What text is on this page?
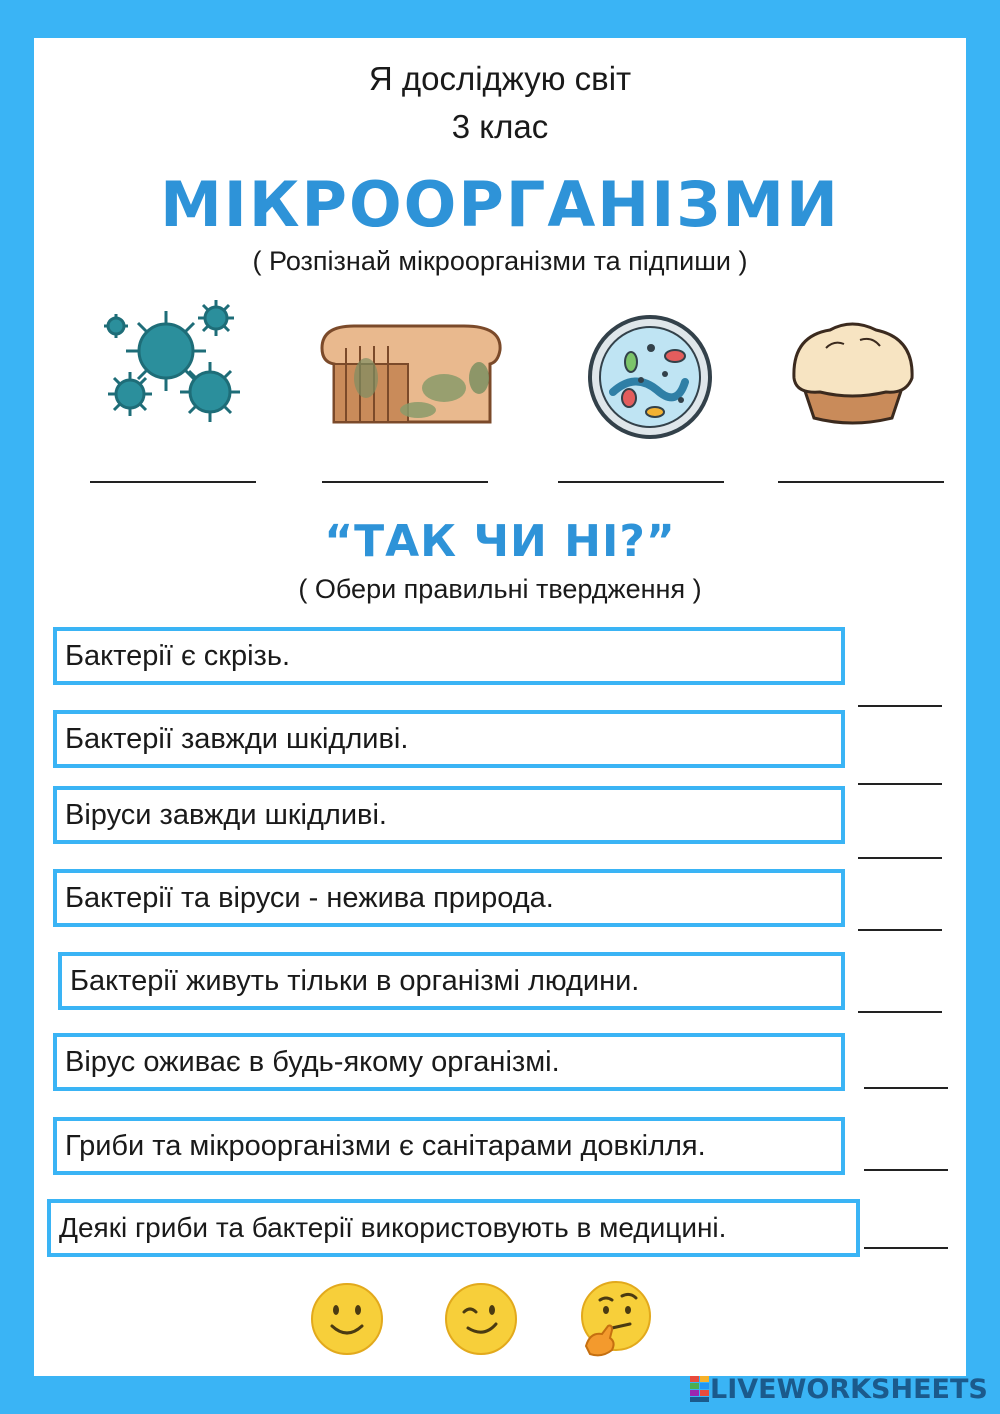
Я досліджую світ
3 клас
МІКРООРГАНІЗМИ
( Розпізнай мікроорганізми та підпиши )
“ТАК ЧИ НІ?”
( Обери правильні твердження )
Бактерії є скрізь.
Бактерії завжди шкідливі.
Віруси завжди шкідливі.
Бактерії та віруси - нежива природа.
Бактерії живуть тільки в організмі людини.
Вірус оживає в будь-якому організмі.
Гриби та мікроорганізми є санітарами довкілля.
Деякі гриби та бактерії використовують в медицині.
LIVEWORKSHEETS
